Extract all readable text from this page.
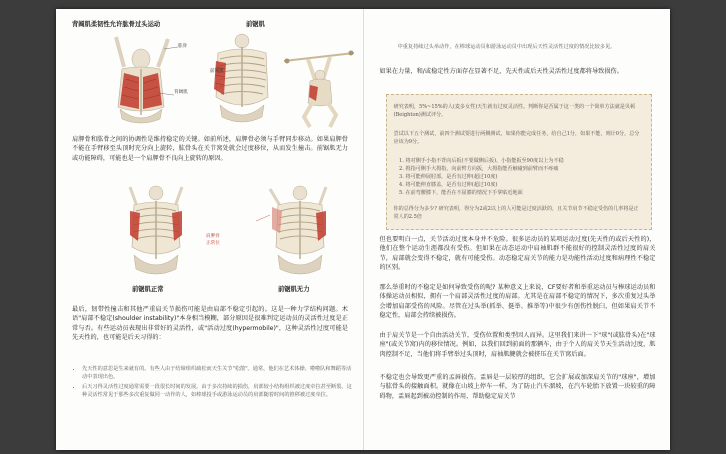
背阔肌柔韧性允许肱骨过头运动	前锯肌
肱骨
背阔肌
前锯肌
肩胛骨和肱骨之间的协调性是维持稳定的关键。如前所述，肩胛骨必须与手臂同步移动。如果肩胛骨不能在手臂移至头顶时充分向上旋转，肱骨头在关节窝处就会过度移位，从而发生撞击。前锯肌无力或功能障碍，可能也是一个肩胛骨不良向上旋转的原因。
肩胛骨
正常位
前锯肌正常	前锯肌无力
最后，韧带性撞击和其他严重肩关节损伤可能是由肩部不稳定引起的。这是一种力学结构问题。术语"肩部不稳定(shoulder instability)"本身相当模糊，部分原因是很难判定运动员的灵活性过度是正常与否。有些运动员表现出非常好的灵活性，或"活动过度(hypermobile)"，这种灵活性过度可能是先天性的，也可能是后天习得的：
• 先天性的意思是生来就有的。有些人由于结缔组织疏松而天生关节"松散"。通常，他们在艺术体操、啦啦队和舞蹈等活动中表现出色。
• 后天习得灵活性过度通常需要一段很长时间的发展。由于多次持续的损伤，肩部较小结构组织被过度牵拉甚至断裂。这种灵活性常见于那些多次重复做同一动作的人，如棒球投手或游泳运动员的肩部随着时间的推移被过度牵拉。
中重复持续过头举动作，在棒球运动员和游泳运动员中出现后天性灵活性过度的情况比较多见。
如果在力量，和/或稳定性方面存在显著不足，先天性或后天性灵活性过度都将导致损伤。
研究表明，5%~15%的人(麦多女性)天生就有过度灵活性。判断你是否属于这一类的一个简单方法就是贝顿(Beighton)测试评分。
尝试以下五个测试，前四个测试要进行两侧测试，如果你能完成任务，给自己1分，如果不能，则计0分，总分应该为9分。
1. 将对侧手小指不背向后扳(不要做侧后扳)，小指能扳至90度以上为不稳
2. 拇指可侧手大拇指，向前臂方向扳，大拇指能否触碰到前臂而不疼痛
3. 将可能伸展肘部，是否有过伸(超过10度)
4. 将可能伸直膝盖，是否有过伸(超过10度)
5. 在前弯腰膝下，能否在不屈膝的情况下手掌贴近地面
你的总得分为多少? 研究表明，得分为2或2以上的人可能是过度活跃的，且关节肩节不稳定受伤的几率将是正常人的2.5倍
但也要明白一点，关节活动过度本身并不危险。很多运动员的某项运动过度(先天性的或后天性的)，他们在整个运动生涯都没有受伤。但如果在动态运动中肩袖肌群不能很好的控制灵活性过度的肩关节，肩部就会变得不稳定，就有可能受伤。动态稳定肩关节的能力是功能性活动过度和病理性不稳定的区别。
那么举重时的不稳定是如何导致受伤的呢? 某种意义上来说，CF要好者和举重运动员与棒球运动员和体操运动员相似，拥有一个肩部灵活性过度的肩部。尤其是在肩部不稳定的情况下，多次重复过头举会增加肩部受伤的风险。尽管在过头举(抓举、挺举、推举等)中很少有创伤性脱臼，但如果肩关节不稳定性，肩部会持续被损伤。
由于肩关节是一个自由活动关节，受伤位置和类型因人而异。这里我们来讲一下"球"(或肱骨头)在"球座"(或关节窝)内的移位情况。例如，以我们回到前面的那辆车，由于个人的肩关节天生活动过度，肌肉控制不足，当他们将手臂举过头顶时，肩袖肌腱就会被挤压在关节窝后面。
不稳定也会导致更严重的孟唇损伤。盂唇是一层较厚的组织，它会扩展或加深肩关节的"球座"，增加与肱骨头的接触面积。就像在山坡上停车一样，为了防止汽车溜坡，在汽车轮胎下放置一块较重的障碍物，盂唇起到被动控制的作用，帮助稳定肩关节
